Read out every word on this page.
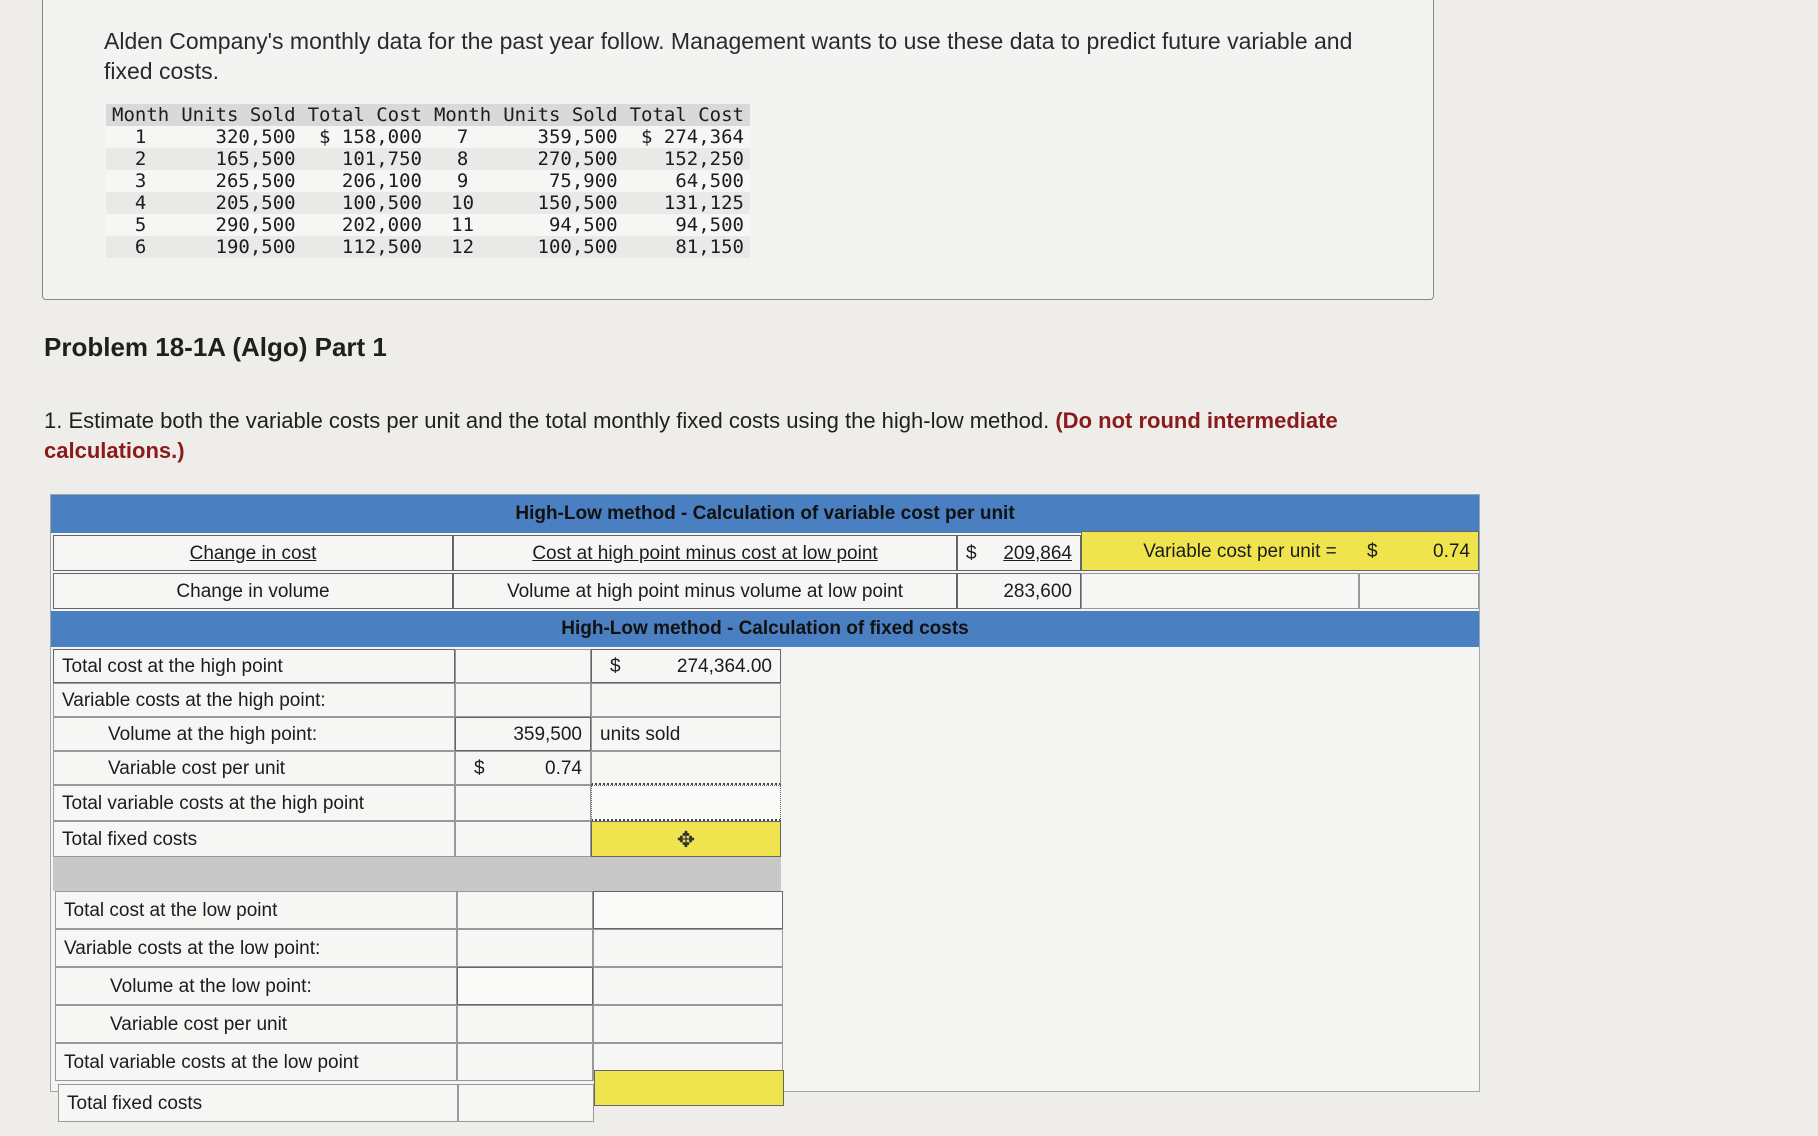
Alden Company's monthly data for the past year follow. Management wants to use these data to predict future variable and fixed costs.
Month	Units Sold	Total Cost	Month	Units Sold	Total Cost
1	320,500	$ 158,000	7	359,500	$ 274,364
2	165,500	101,750	8	270,500	152,250
3	265,500	206,100	9	75,900	64,500
4	205,500	100,500	10	150,500	131,125
5	290,500	202,000	11	94,500	94,500
6	190,500	112,500	12	100,500	81,150
Problem 18-1A (Algo) Part 1
1. Estimate both the variable costs per unit and the total monthly fixed costs using the high-low method. (Do not round intermediate calculations.)
High-Low method - Calculation of variable cost per unit
Change in cost	Cost at high point minus cost at low point	$ 209,864	Variable cost per unit =	$	0.74
Change in volume	Volume at high point minus volume at low point	283,600
High-Low method - Calculation of fixed costs
Total cost at the high point	$	274,364.00
Variable costs at the high point:
Volume at the high point:	359,500 units sold
Variable cost per unit	$	0.74
Total variable costs at the high point
Total fixed costs	✥
Total cost at the low point
Variable costs at the low point:
Volume at the low point:
Variable cost per unit
Total variable costs at the low point
Total fixed costs
